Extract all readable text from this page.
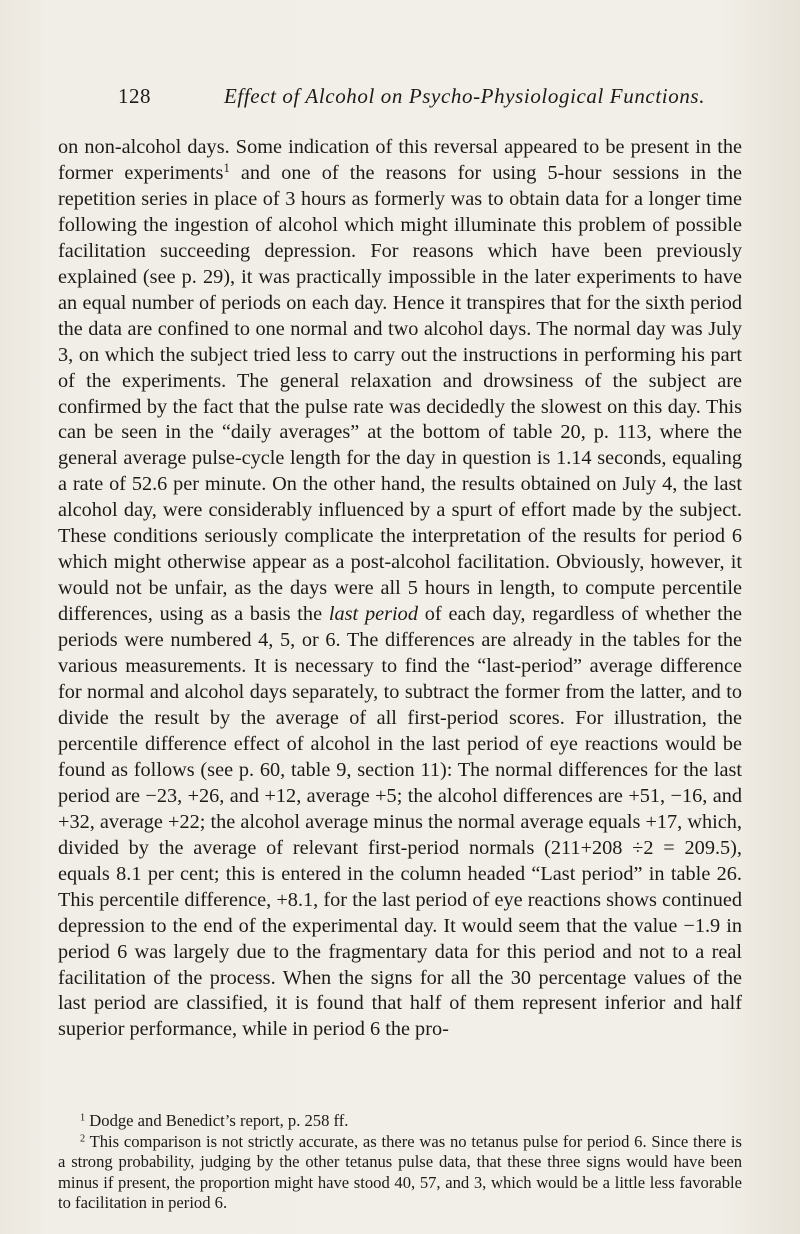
128	Effect of Alcohol on Psycho-Physiological Functions.

on non-alcohol days. Some indication of this reversal appeared to be present in the former experiments$^1$ and one of the reasons for using 5-hour sessions in the repetition series in place of 3 hours as formerly was to obtain data for a longer time following the ingestion of alcohol which might illuminate this problem of possible facilitation succeeding depression. For reasons which have been previously explained (see p. 29), it was practically impossible in the later experiments to have an equal number of periods on each day. Hence it transpires that for the sixth period the data are confined to one normal and two alcohol days. The normal day was July 3, on which the subject tried less to carry out the instructions in performing his part of the experiments. The general relaxation and drowsiness of the subject are confirmed by the fact that the pulse rate was decidedly the slowest on this day. This can be seen in the “daily averages” at the bottom of table 20, p. 113, where the general average pulse-cycle length for the day in question is 1.14 seconds, equaling a rate of 52.6 per minute. On the other hand, the results obtained on July 4, the last alcohol day, were considerably influenced by a spurt of effort made by the subject. These conditions seriously complicate the interpretation of the results for period 6 which might otherwise appear as a post-alcohol facilitation. Obviously, however, it would not be unfair, as the days were all 5 hours in length, to compute percentile differences, using as a basis the last period of each day, regardless of whether the periods were numbered 4, 5, or 6. The differences are already in the tables for the various measurements. It is necessary to find the “last-period” average difference for normal and alcohol days separately, to subtract the former from the latter, and to divide the result by the average of all first-period scores. For illustration, the percentile difference effect of alcohol in the last period of eye reactions would be found as follows (see p. 60, table 9, section 11): The normal differences for the last period are −23, +26, and +12, average +5; the alcohol differences are +51, −16, and +32, average +22; the alcohol average minus the normal average equals +17, which, divided by the average of relevant first-period normals (211+208 ÷2 = 209.5), equals 8.1 per cent; this is entered in the column headed “Last period” in table 26. This percentile difference, +8.1, for the last period of eye reactions shows continued depression to the end of the experimental day. It would seem that the value −1.9 in period 6 was largely due to the fragmentary data for this period and not to a real facilitation of the process. When the signs for all the 30 percentage values of the last period are classified, it is found that half of them represent inferior and half superior performance, while in period 6 the pro-

$^1$ Dodge and Benedict’s report, p. 258 ff.

$^2$ This comparison is not strictly accurate, as there was no tetanus pulse for period 6. Since there is a strong probability, judging by the other tetanus pulse data, that these three signs would have been minus if present, the proportion might have stood 40, 57, and 3, which would be a little less favorable to facilitation in period 6.
